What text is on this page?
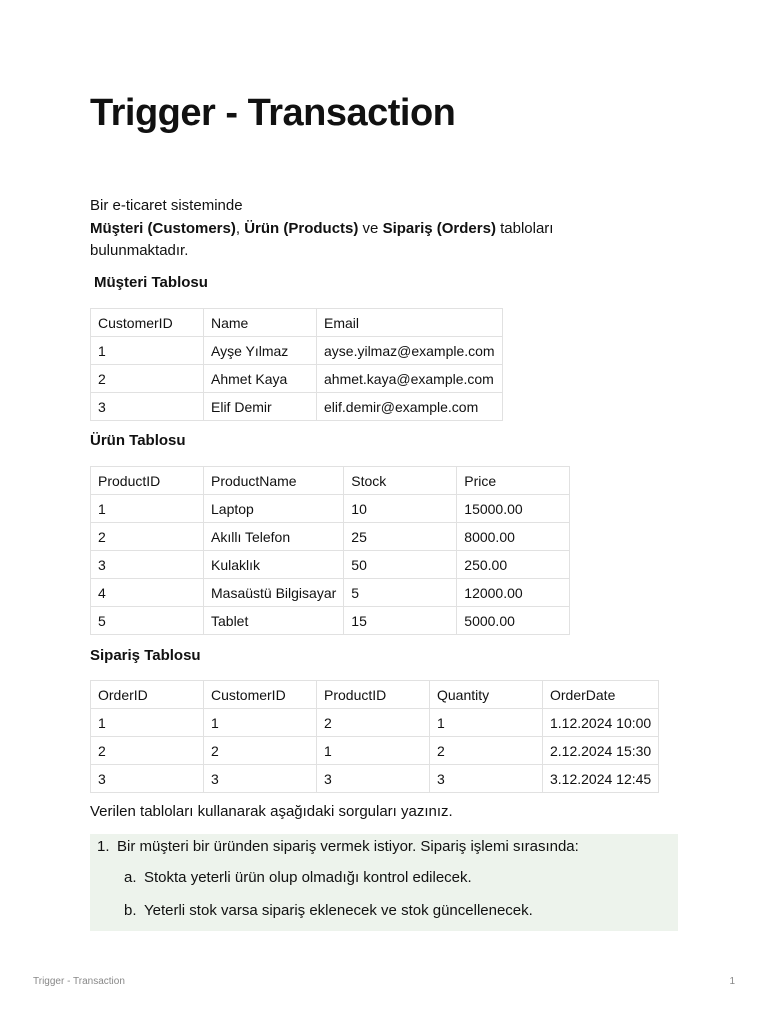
Trigger - Transaction
Bir e-ticaret sisteminde
Müşteri (Customers), Ürün (Products) ve Sipariş (Orders) tabloları bulunmaktadır.
Müşteri Tablosu
CustomerID	Name	Email
1	Ayşe Yılmaz	ayse.yilmaz@example.com
2	Ahmet Kaya	ahmet.kaya@example.com
3	Elif Demir	elif.demir@example.com
Ürün Tablosu
ProductID	ProductName	Stock	Price
1	Laptop	10	15000.00
2	Akıllı Telefon	25	8000.00
3	Kulaklık	50	250.00
4	Masaüstü Bilgisayar	5	12000.00
5	Tablet	15	5000.00
Sipariş Tablosu
OrderID	CustomerID	ProductID	Quantity	OrderDate
1	1	2	1	1.12.2024 10:00
2	2	1	2	2.12.2024 15:30
3	3	3	3	3.12.2024 12:45
Verilen tabloları kullanarak aşağıdaki sorguları yazınız.
1. Bir müşteri bir üründen sipariş vermek istiyor. Sipariş işlemi sırasında:
a. Stokta yeterli ürün olup olmadığı kontrol edilecek.
b. Yeterli stok varsa sipariş eklenecek ve stok güncellenecek.
Trigger - Transaction	1
